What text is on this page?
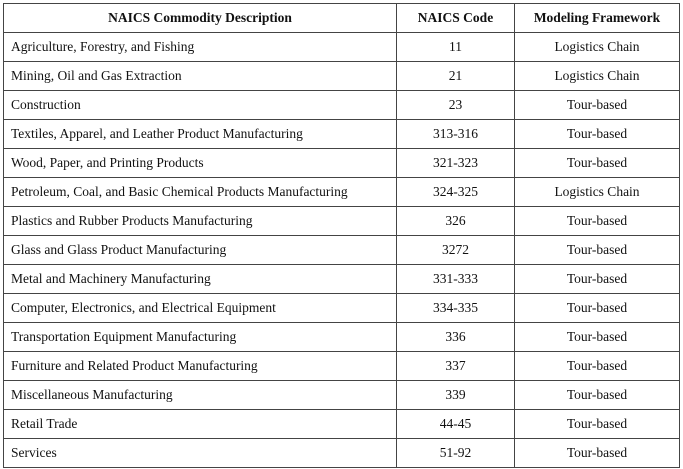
NAICS Commodity Description	NAICS Code	Modeling Framework
Agriculture, Forestry, and Fishing	11	Logistics Chain
Mining, Oil and Gas Extraction	21	Logistics Chain
Construction	23	Tour-based
Textiles, Apparel, and Leather Product Manufacturing	313-316	Tour-based
Wood, Paper, and Printing Products	321-323	Tour-based
Petroleum, Coal, and Basic Chemical Products Manufacturing	324-325	Logistics Chain
Plastics and Rubber Products Manufacturing	326	Tour-based
Glass and Glass Product Manufacturing	3272	Tour-based
Metal and Machinery Manufacturing	331-333	Tour-based
Computer, Electronics, and Electrical Equipment	334-335	Tour-based
Transportation Equipment Manufacturing	336	Tour-based
Furniture and Related Product Manufacturing	337	Tour-based
Miscellaneous Manufacturing	339	Tour-based
Retail Trade	44-45	Tour-based
Services	51-92	Tour-based
